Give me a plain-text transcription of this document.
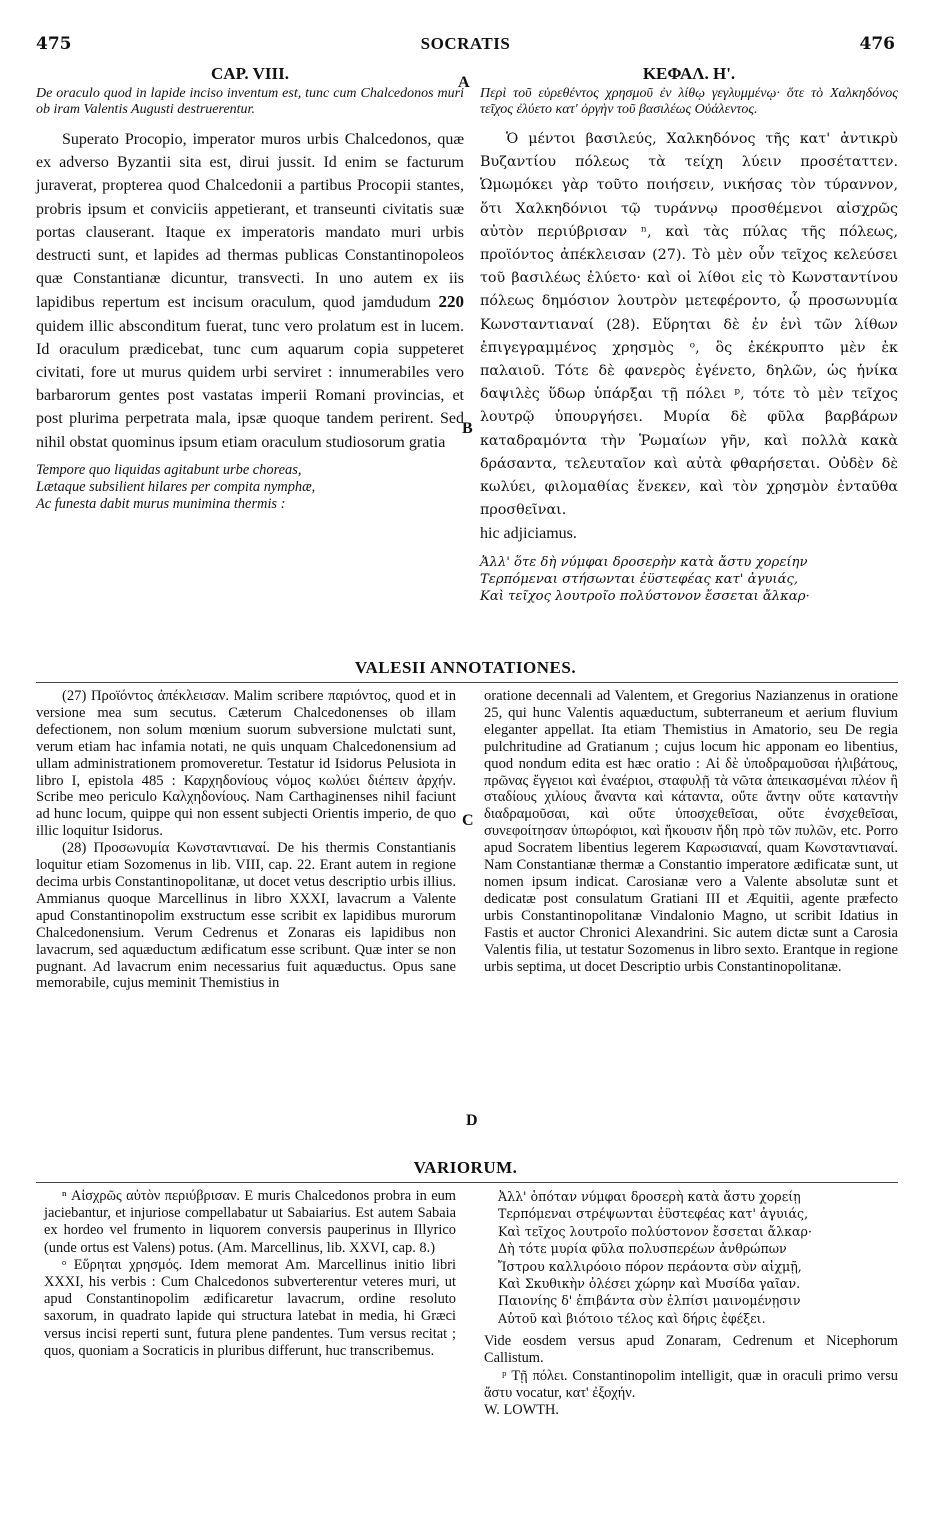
475	SOCRATIS	476
A
B
C
D
CAP. VIII.
De oraculo quod in lapide inciso inventum est, tunc cum Chalcedonos muri ob iram Valentis Augusti destruerentur.

Superato Procopio, imperator muros urbis Chalcedonos, quæ ex adverso Byzantii sita est, dirui jussit. Id enim se facturum juraverat, propterea quod Chalcedonii a partibus Procopii stantes, probris ipsum et conviciis appetierant, et transeunti civitatis suæ portas clauserant. Itaque ex imperatoris mandato muri urbis destructi sunt, et lapides ad thermas publicas Constantinopoleos quæ Constantianæ dicuntur, transvecti. In uno autem ex iis lapidibus repertum est incisum oraculum, quod jamdudum 220 quidem illic absconditum fuerat, tunc vero prolatum est in lucem. Id oraculum prædicebat, tunc cum aquarum copia suppeteret civitati, fore ut murus quidem urbi serviret : innumerabiles vero barbarorum gentes post vastatas imperii Romani provincias, et post plurima perpetrata mala, ipsæ quoque tandem perirent. Sed nihil obstat quominus ipsum etiam oraculum studiosorum gratia

Tempore quo liquidas agitabunt urbe choreas,
Lætaque subsilient hilares per compita nymphæ,
Ac funesta dabit murus munimina thermis :
ΚΕΦΑΛ. Η'.
Περὶ τοῦ εὑρεθέντος χρησμοῦ ἐν λίθῳ γεγλυμμένῳ· ὅτε τὸ Χαλκηδόνος τεῖχος ἐλύετο κατ' ὀργὴν τοῦ βασιλέως Οὐάλεντος.

Ὁ μέντοι βασιλεύς, Χαλκηδόνος τῆς κατ' ἀντικρὺ Βυζαντίου πόλεως τὰ τείχη λύειν προσέταττεν. Ὡμωμόκει γὰρ τοῦτο ποιήσειν, νικήσας τὸν τύραννον, ὅτι Χαλκηδόνιοι τῷ τυράννῳ προσθέμενοι αἰσχρῶς αὐτὸν περιύβρισαν ⁿ, καὶ τὰς πύλας τῆς πόλεως, προϊόντος ἀπέκλεισαν (27). Τὸ μὲν οὖν τεῖχος κελεύσει τοῦ βασιλέως ἐλύετο· καὶ οἱ λίθοι εἰς τὸ Κωνσταντίνου πόλεως δημόσιον λουτρὸν μετεφέροντο, ᾧ προσωνυμία Κωνσταντιαναί (28). Εὕρηται δὲ ἐν ἑνὶ τῶν λίθων ἐπιγεγραμμένος χρησμὸς ᵒ, ὃς ἐκέκρυπτο μὲν ἐκ παλαιοῦ. Τότε δὲ φανερὸς ἐγένετο, δηλῶν, ὡς ἡνίκα δαψιλὲς ὕδωρ ὑπάρξαι τῇ πόλει ᵖ, τότε τὸ μὲν τεῖχος λουτρῷ ὑπουργήσει. Μυρία δὲ φῦλα βαρβάρων καταδραμόντα τὴν Ῥωμαίων γῆν, καὶ πολλὰ κακὰ δράσαντα, τελευταῖον καὶ αὐτὰ φθαρήσεται. Οὐδὲν δὲ κωλύει, φιλομαθίας ἕνεκεν, καὶ τὸν χρησμὸν ἐνταῦθα προσθεῖναι.

hic adjiciamus.

Ἀλλ' ὅτε δὴ νύμφαι δροσερὴν κατὰ ἄστυ χορείην
Τερπόμεναι στήσωνται ἐϋστεφέας κατ' ἀγυιάς,
Καὶ τεῖχος λουτροῖο πολύστονον ἔσσεται ἄλκαρ·
VALESII ANNOTATIONES.

(27) Προϊόντος ἀπέκλεισαν. Malim scribere παριόντος, quod et in versione mea sum secutus. Cæterum Chalcedonenses ob illam defectionem, non solum mœnium suorum subversione mulctati sunt, verum etiam hac infamia notati, ne quis unquam Chalcedonensium ad ullam administrationem promoveretur. Testatur id Isidorus Pelusiota in libro I, epistola 485 : Καρχηδονίους νόμος κωλύει διέπειν ἀρχήν. Scribe meo periculo Καλχηδονίους. Nam Carthaginenses nihil faciunt ad hunc locum, quippe qui non essent subjecti Orientis imperio, de quo illic loquitur Isidorus.

(28) Προσωνυμία Κωνσταντιαναί. De his thermis Constantianis loquitur etiam Sozomenus in lib. VIII, cap. 22. Erant autem in regione decima urbis Constantinopolitanæ, ut docet vetus descriptio urbis illius. Ammianus quoque Marcellinus in libro XXXI, lavacrum a Valente apud Constantinopolim exstructum esse scribit ex lapidibus murorum Chalcedonensium. Verum Cedrenus et Zonaras eis lapidibus non lavacrum, sed aquæductum ædificatum esse scribunt. Quæ inter se non pugnant. Ad lavacrum enim necessarius fuit aquæductus. Opus sane memorabile, cujus meminit Themistius in

oratione decennali ad Valentem, et Gregorius Nazianzenus in oratione 25, qui hunc Valentis aquæductum, subterraneum et aerium fluvium eleganter appellat. Ita etiam Themistius in Amatorio, seu De regia pulchritudine ad Gratianum ; cujus locum hic apponam eo libentius, quod nondum edita est hæc oratio : Αἱ δὲ ὑποδραμοῦσαι ἠλιβάτους, πρῶνας ἔγγειοι καὶ ἐναέριοι, σταφυλῇ τὰ νῶτα ἀπεικασμέναι πλέον ἢ σταδίους χιλίους ἄναντα καὶ κάταντα, οὔτε ἄντην οὔτε καταντὴν διαδραμοῦσαι, καὶ οὔτε ὑποσχεθεῖσαι, οὔτε ἐνσχεθεῖσαι, συνεφοίτησαν ὑπωρόφιοι, καὶ ἥκουσιν ἤδη πρὸ τῶν πυλῶν, etc. Porro apud Socratem libentius legerem Καρωσιαναί, quam Κωνσταντιαναί. Nam Constantianæ thermæ a Constantio imperatore ædificatæ sunt, ut nomen ipsum indicat. Carosianæ vero a Valente absolutæ sunt et dedicatæ post consulatum Gratiani III et Æquitii, agente præfecto urbis Constantinopolitanæ Vindalonio Magno, ut scribit Idatius in Fastis et auctor Chronici Alexandrini. Sic autem dictæ sunt a Carosia Valentis filia, ut testatur Sozomenus in libro sexto. Erantque in regione urbis septima, ut docet Descriptio urbis Constantinopolitanæ.

VARIORUM.

ⁿ Αἰσχρῶς αὐτὸν περιύβρισαν. E muris Chalcedonos probra in eum jaciebantur, et injuriose compellabatur ut Sabaiarius. Est autem Sabaia ex hordeo vel frumento in liquorem conversis pauperinus in Illyrico (unde ortus est Valens) potus. (Am. Marcellinus, lib. XXVI, cap. 8.)

ᵒ Εὕρηται χρησμός. Idem memorat Am. Marcellinus initio libri XXXI, his verbis : Cum Chalcedonos subverterentur veteres muri, ut apud Constantinopolim ædificaretur lavacrum, ordine resoluto saxorum, in quadrato lapide qui structura latebat in media, hi Græci versus incisi reperti sunt, futura plene pandentes. Tum versus recitat ; quos, quoniam a Socraticis in pluribus differunt, huc transcribemus.

Ἀλλ' ὁπόταν νύμφαι δροσερὴ κατὰ ἄστυ χορείῃ
Τερπόμεναι στρέψωνται ἐϋστεφέας κατ' ἀγυιάς,
Καὶ τεῖχος λουτροῖο πολύστονον ἔσσεται ἄλκαρ·
Δὴ τότε μυρία φῦλα πολυσπερέων ἀνθρώπων
Ἴστρου καλλιρόοιο πόρον περάοντα σὺν αἰχμῇ,
Καὶ Σκυθικὴν ὀλέσει χώρην καὶ Μυσίδα γαῖαν.
Παιονίης δ' ἐπιβάντα σὺν ἐλπίσι μαινομένῃσιν
Αὐτοῦ καὶ βιότοιο τέλος καὶ δήρις ἐφέξει.

Vide eosdem versus apud Zonaram, Cedrenum et Nicephorum Callistum.

ᵖ Τῇ πόλει. Constantinopolim intelligit, quæ in oraculi primo versu ἄστυ vocatur, κατ' ἐξοχήν.

W. LOWTH.
